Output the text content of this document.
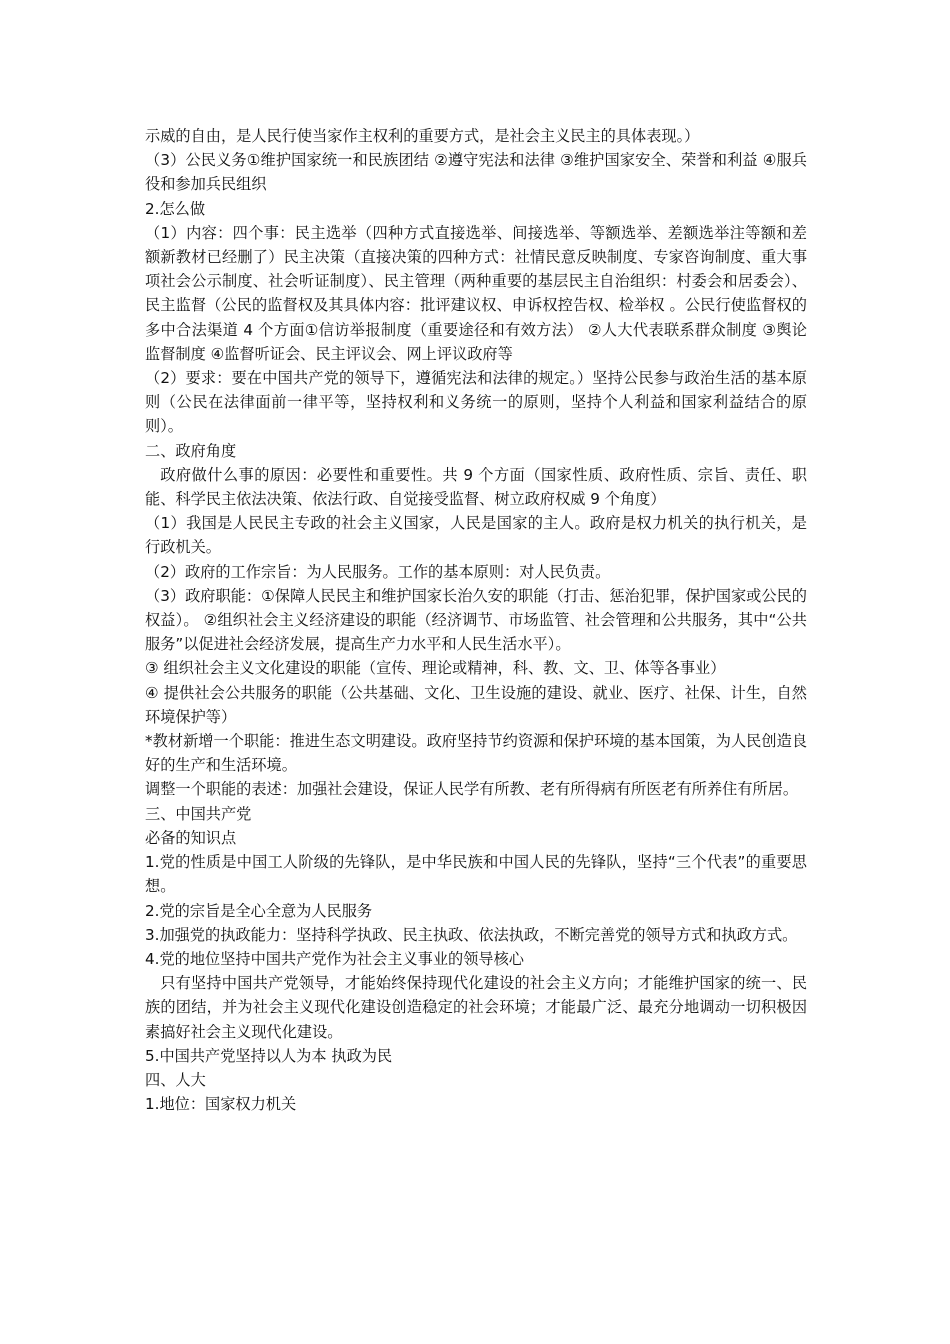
示威的自由，是人民行使当家作主权利的重要方式，是社会主义民主的具体表现。）

（3）公民义务①维护国家统一和民族团结 ②遵守宪法和法律 ③维护国家安全、荣誉和利益 ④服兵役和参加兵民组织

2.怎么做

（1）内容：四个事：民主选举（四种方式直接选举、间接选举、等额选举、差额选举注等额和差额新教材已经删了）民主决策（直接决策的四种方式：社情民意反映制度、专家咨询制度、重大事项社会公示制度、社会听证制度）、民主管理（两种重要的基层民主自治组织：村委会和居委会）、民主监督（公民的监督权及其具体内容：批评建议权、申诉权控告权、检举权 。公民行使监督权的多中合法渠道 4 个方面①信访举报制度（重要途径和有效方法） ②人大代表联系群众制度 ③舆论监督制度 ④监督听证会、民主评议会、网上评议政府等

（2）要求：要在中国共产党的领导下，遵循宪法和法律的规定。）坚持公民参与政治生活的基本原则（公民在法律面前一律平等，坚持权利和义务统一的原则，坚持个人利益和国家利益结合的原则）。

二、政府角度

政府做什么事的原因：必要性和重要性。共 9 个方面（国家性质、政府性质、宗旨、责任、职能、科学民主依法决策、依法行政、自觉接受监督、树立政府权威 9 个角度）

（1）我国是人民民主专政的社会主义国家，人民是国家的主人。政府是权力机关的执行机关，是行政机关。

（2）政府的工作宗旨：为人民服务。工作的基本原则：对人民负责。

（3）政府职能：①保障人民民主和维护国家长治久安的职能（打击、惩治犯罪，保护国家或公民的权益）。 ②组织社会主义经济建设的职能（经济调节、市场监管、社会管理和公共服务，其中“公共服务”以促进社会经济发展，提高生产力水平和人民生活水平）。

③ 组织社会主义文化建设的职能（宣传、理论或精神，科、教、文、卫、体等各事业）

④ 提供社会公共服务的职能（公共基础、文化、卫生设施的建设、就业、医疗、社保、计生，自然环境保护等）

*教材新增一个职能：推进生态文明建设。政府坚持节约资源和保护环境的基本国策，为人民创造良好的生产和生活环境。

调整一个职能的表述：加强社会建设，保证人民学有所教、老有所得病有所医老有所养住有所居。

三、中国共产党

必备的知识点

1.党的性质是中国工人阶级的先锋队，是中华民族和中国人民的先锋队，坚持“三个代表”的重要思想。

2.党的宗旨是全心全意为人民服务

3.加强党的执政能力：坚持科学执政、民主执政、依法执政，不断完善党的领导方式和执政方式。

4.党的地位坚持中国共产党作为社会主义事业的领导核心

只有坚持中国共产党领导，才能始终保持现代化建设的社会主义方向；才能维护国家的统一、民族的团结，并为社会主义现代化建设创造稳定的社会环境；才能最广泛、最充分地调动一切积极因素搞好社会主义现代化建设。

5.中国共产党坚持以人为本 执政为民

四、人大

1.地位：国家权力机关
